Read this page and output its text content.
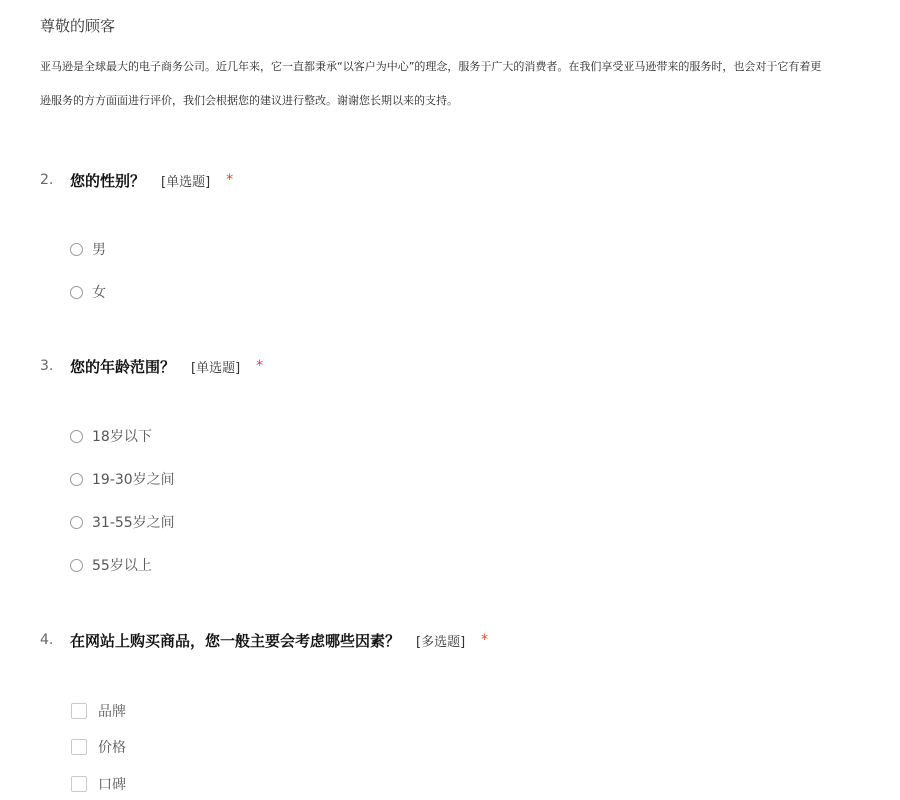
尊敬的顾客
亚马逊是全球最大的电子商务公司。近几年来，它一直都秉承“以客户为中心”的理念，服务于广大的消费者。在我们享受亚马逊带来的服务时，也会对于它有着更
逊服务的方方面面进行评价，我们会根据您的建议进行整改。谢谢您长期以来的支持。
2.	您的性别？ [单选题] *
男
女
3.	您的年龄范围？ [单选题] *
18岁以下
19-30岁之间
31-55岁之间
55岁以上
4.	在网站上购买商品，您一般主要会考虑哪些因素？ [多选题] *
品牌
价格
口碑
